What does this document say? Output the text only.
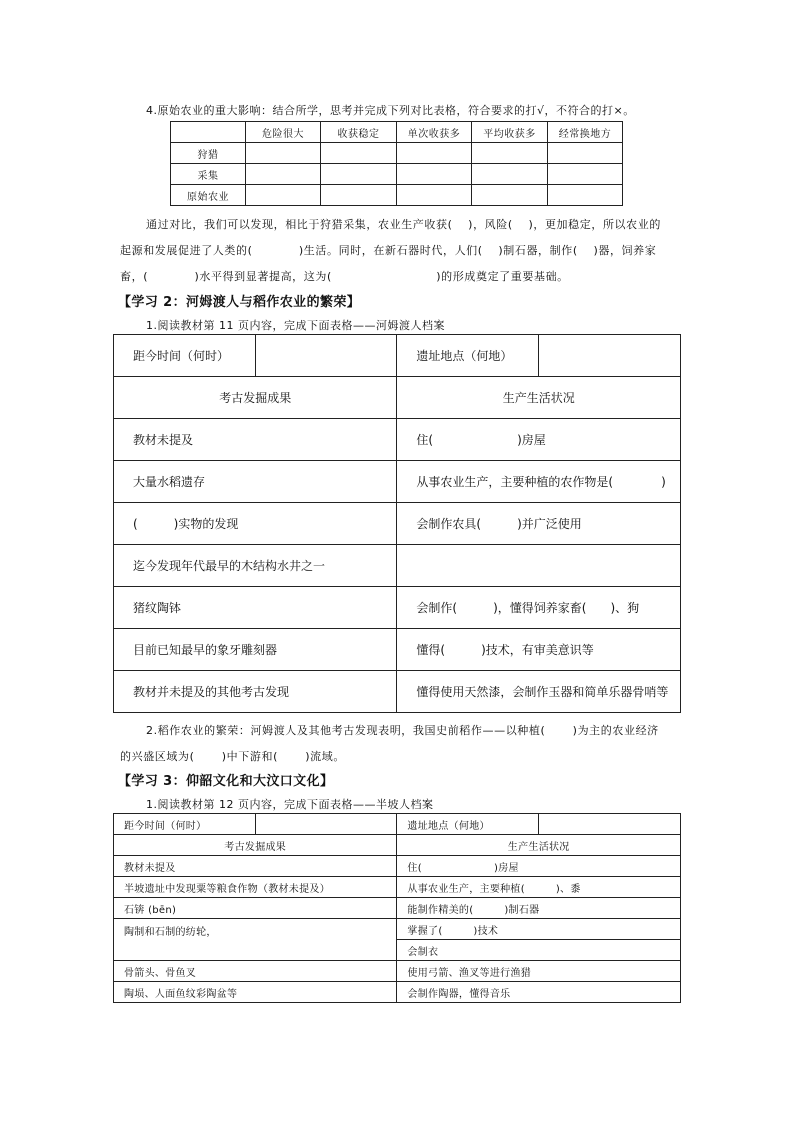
4.原始农业的重大影响：结合所学，思考并完成下列对比表格，符合要求的打√，不符合的打×。
	危险很大	收获稳定	单次收获多	平均收获多	经常换地方
狩猎					
采集					
原始农业					
通过对比，我们可以发现，相比于狩猎采集，农业生产收获(　 )，风险(　 )，更加稳定，所以农业的
起源和发展促进了人类的(　　　　)生活。同时，在新石器时代，人们(　 )制石器，制作(　 )器，饲养家
畜，(　　　　)水平得到显著提高，这为(　　　　　　　　　)的形成奠定了重要基础。
【学习 2：河姆渡人与稻作农业的繁荣】
1.阅读教材第 11 页内容，完成下面表格——河姆渡人档案
距今时间（何时）		遗址地点（何地）	
考古发掘成果		生产生活状况	
教材未提及		住(　　　　　　　)房屋	
大量水稻遗存		从事农业生产，主要种植的农作物是(　　　　)	
(　　　)实物的发现		会制作农具(　　　)并广泛使用	
迄今发现年代最早的木结构水井之一			
猪纹陶钵		会制作(　　　)，懂得饲养家畜(　　)、狗	
目前已知最早的象牙雕刻器		懂得(　　　)技术，有审美意识等	
教材并未提及的其他考古发现		懂得使用天然漆，会制作玉器和简单乐器骨哨等	
2.稻作农业的繁荣：河姆渡人及其他考古发现表明，我国史前稻作——以种植(　　 )为主的农业经济
的兴盛区域为(　　 )中下游和(　　 )流域。
【学习 3：仰韶文化和大汶口文化】
1.阅读教材第 12 页内容，完成下面表格——半坡人档案
距今时间（何时）		遗址地点（何地）	
考古发掘成果		生产生活状况	
教材未提及		住(　　　　　　　)房屋	
半坡遗址中发现粟等粮食作物（教材未提及）		从事农业生产，主要种植(　　　)、黍	
石锛 (bēn)		能制作精美的(　　　)制石器	
陶制和石制的纺轮，		掌握了(　　　)技术	
		会制衣	
骨箭头、骨鱼叉		使用弓箭、渔叉等进行渔猎	
陶埙、人面鱼纹彩陶盆等		会制作陶器，懂得音乐	
